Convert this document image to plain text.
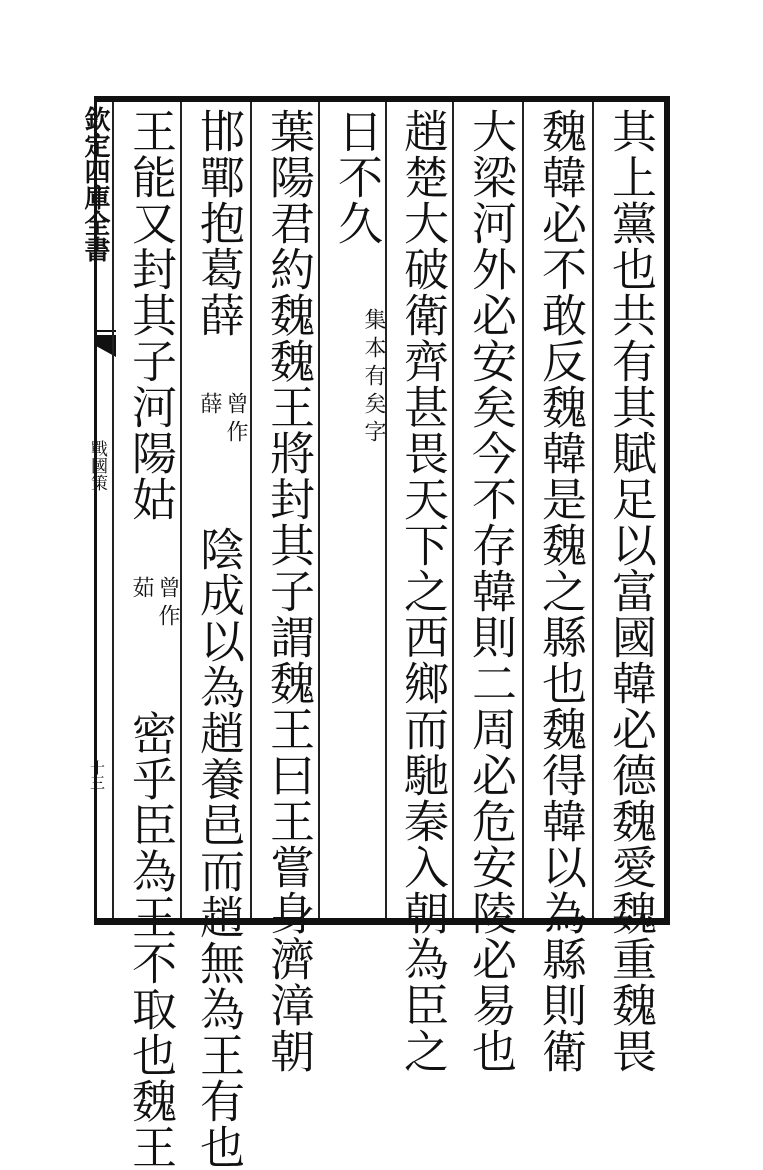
欽定四庫全書
戰國策
十三	其上黨也共有其賦足以富國韓必德魏愛魏重魏畏
魏韓必不敢反魏韓是魏之縣也魏得韓以為縣則衛
大梁河外必安矣今不存韓則二周必危安陵必易也
趙楚大破衛齊甚畏天下之西鄉而馳秦入朝為臣之
日不久 集本有矣字
葉陽君約魏魏王將封其子謂魏王曰王嘗身濟漳朝
邯鄲抱葛薛 曾作薛 陰成以為趙養邑而趙無為王有也
王能又封其子河陽姑 曾作茹 密乎臣為王不取也魏王
